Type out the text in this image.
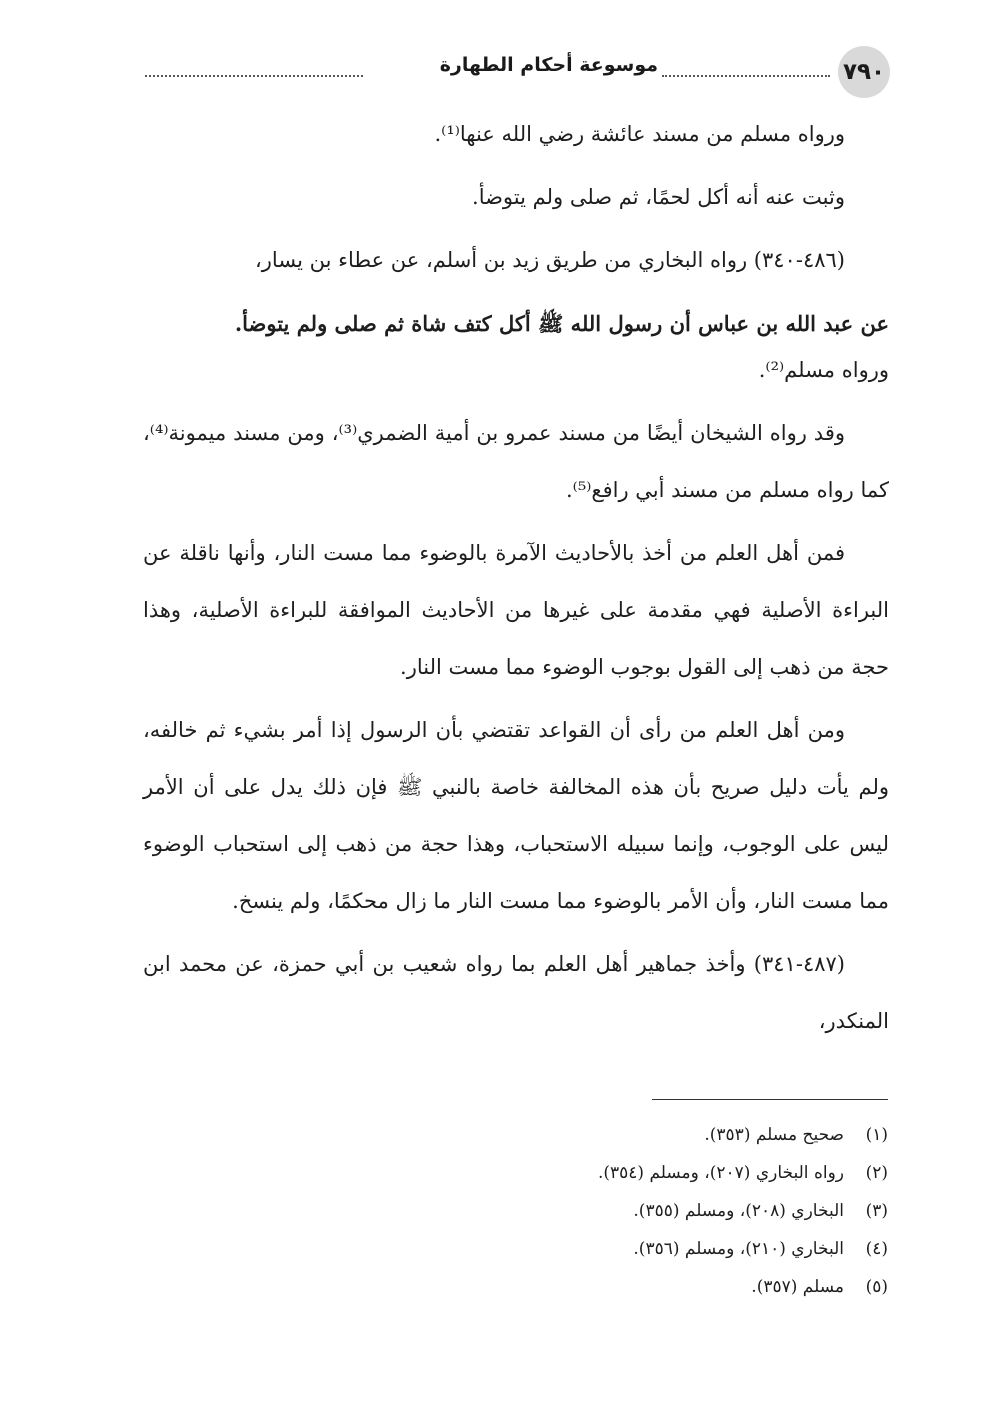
٧٩٠
موسوعة أحكام الطهارة

ورواه مسلم من مسند عائشة رضي الله عنها⁽¹⁾.

وثبت عنه أنه أكل لحمًا، ثم صلى ولم يتوضأ.

(٤٨٦-٣٤٠) رواه البخاري من طريق زيد بن أسلم، عن عطاء بن يسار،

عن عبد الله بن عباس أن رسول الله ﷺ أكل كتف شاة ثم صلى ولم يتوضأ.

ورواه مسلم⁽²⁾.

وقد رواه الشيخان أيضًا من مسند عمرو بن أمية الضمري⁽³⁾، ومن مسند ميمونة⁽⁴⁾، كما رواه مسلم من مسند أبي رافع⁽⁵⁾.

فمن أهل العلم من أخذ بالأحاديث الآمرة بالوضوء مما مست النار، وأنها ناقلة عن البراءة الأصلية فهي مقدمة على غيرها من الأحاديث الموافقة للبراءة الأصلية، وهذا حجة من ذهب إلى القول بوجوب الوضوء مما مست النار.

ومن أهل العلم من رأى أن القواعد تقتضي بأن الرسول إذا أمر بشيء ثم خالفه، ولم يأت دليل صريح بأن هذه المخالفة خاصة بالنبي ﷺ فإن ذلك يدل على أن الأمر ليس على الوجوب، وإنما سبيله الاستحباب، وهذا حجة من ذهب إلى استحباب الوضوء مما مست النار، وأن الأمر بالوضوء مما مست النار ما زال محكمًا، ولم ينسخ.

(٤٨٧-٣٤١) وأخذ جماهير أهل العلم بما رواه شعيب بن أبي حمزة، عن محمد ابن المنكدر،

(١)
صحيح مسلم (٣٥٣).
(٢)
رواه البخاري (٢٠٧)، ومسلم (٣٥٤).
(٣)
البخاري (٢٠٨)، ومسلم (٣٥٥).
(٤)
البخاري (٢١٠)، ومسلم (٣٥٦).
(٥)
مسلم (٣٥٧).
